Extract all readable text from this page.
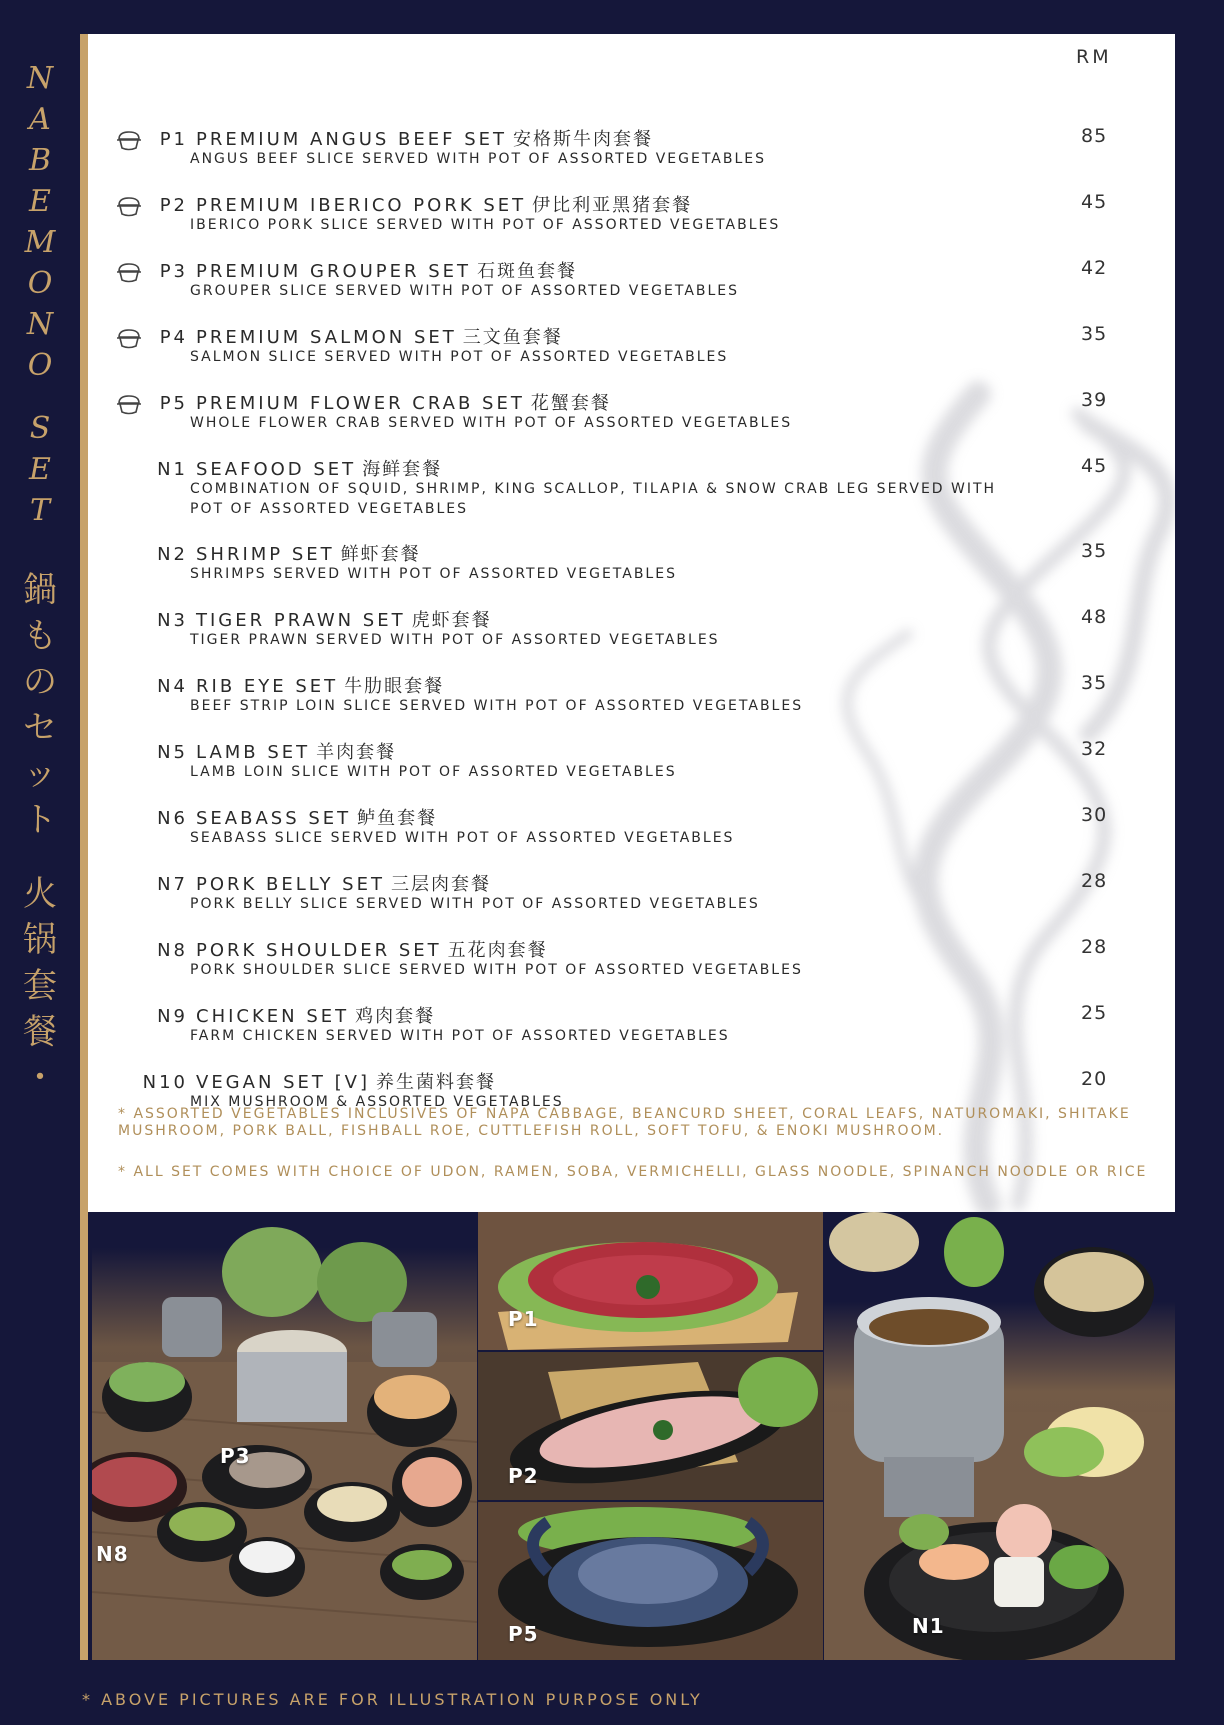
N
A
B
E
M
O
N
O
S
E
T
鍋
も
の
セ
ッ
ト
火
锅
套
餐
・
RM
P1 PREMIUM ANGUS BEEF SET 安格斯牛肉套餐
ANGUS BEEF SLICE SERVED WITH POT OF ASSORTED VEGETABLES
85
P2 PREMIUM IBERICO PORK SET 伊比利亚黑猪套餐
IBERICO PORK SLICE SERVED WITH POT OF ASSORTED VEGETABLES
45
P3 PREMIUM GROUPER SET 石斑鱼套餐
GROUPER SLICE SERVED WITH POT OF ASSORTED VEGETABLES
42
P4 PREMIUM SALMON SET 三文鱼套餐
SALMON SLICE SERVED WITH POT OF ASSORTED VEGETABLES
35
P5 PREMIUM FLOWER CRAB SET 花蟹套餐
WHOLE FLOWER CRAB SERVED WITH POT OF ASSORTED VEGETABLES
39
N1 SEAFOOD SET 海鲜套餐
COMBINATION OF SQUID, SHRIMP, KING SCALLOP, TILAPIA & SNOW CRAB LEG SERVED WITH POT OF ASSORTED VEGETABLES
45
N2 SHRIMP SET 鲜虾套餐
SHRIMPS SERVED WITH POT OF ASSORTED VEGETABLES
35
N3 TIGER PRAWN SET 虎虾套餐
TIGER PRAWN SERVED WITH POT OF ASSORTED VEGETABLES
48
N4 RIB EYE SET 牛肋眼套餐
BEEF STRIP LOIN SLICE SERVED WITH POT OF ASSORTED VEGETABLES
35
N5 LAMB SET 羊肉套餐
LAMB LOIN SLICE WITH POT OF ASSORTED VEGETABLES
32
N6 SEABASS SET 鲈鱼套餐
SEABASS SLICE SERVED WITH POT OF ASSORTED VEGETABLES
30
N7 PORK BELLY SET 三层肉套餐
PORK BELLY SLICE SERVED WITH POT OF ASSORTED VEGETABLES
28
N8 PORK SHOULDER SET 五花肉套餐
PORK SHOULDER SLICE SERVED WITH POT OF ASSORTED VEGETABLES
28
N9 CHICKEN SET 鸡肉套餐
FARM CHICKEN SERVED WITH POT OF ASSORTED VEGETABLES
25
N10 VEGAN SET [V] 养生菌料套餐
MIX MUSHROOM & ASSORTED VEGETABLES
20
* ASSORTED VEGETABLES INCLUSIVES OF NAPA CABBAGE, BEANCURD SHEET, CORAL LEAFS, NATUROMAKI, SHITAKE MUSHROOM, PORK BALL, FISHBALL ROE, CUTTLEFISH ROLL, SOFT TOFU, & ENOKI MUSHROOM.
* ALL SET COMES WITH CHOICE OF UDON, RAMEN, SOBA, VERMICHELLI, GLASS NOODLE, SPINANCH NOODLE OR RICE
P3
N8
P1
P2
P5	N1
* ABOVE PICTURES ARE FOR ILLUSTRATION PURPOSE ONLY
